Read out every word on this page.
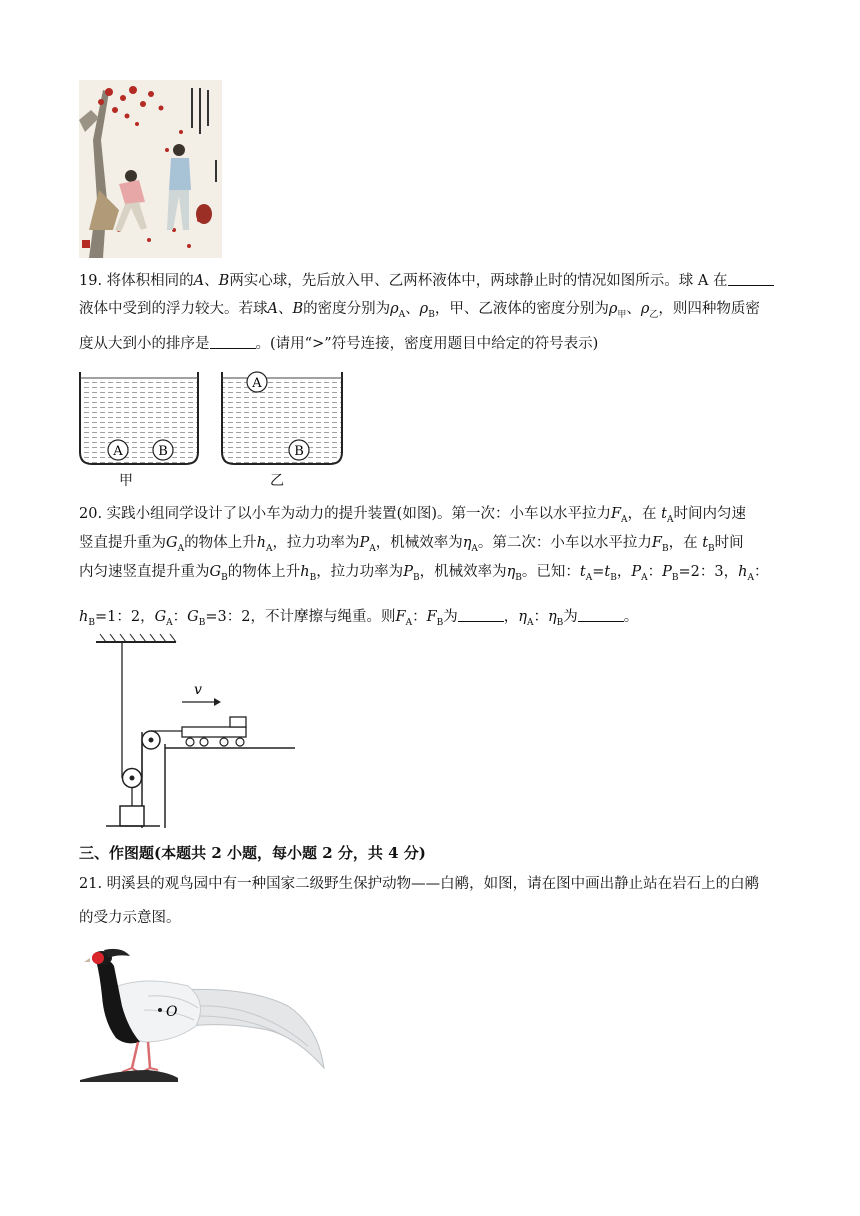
19. 将体积相同的A、B两实心球，先后放入甲、乙两杯液体中，两球静止时的情况如图所示。球 A 在
液体中受到的浮力较大。若球A、B的密度分别为$\rho_A$、$\rho_B$，甲、乙液体的密度分别为$\rho_甲$、$\rho_乙$，则四种物质密
度从大到小的排序是	。(请用“>”符号连接，密度用题目中给定的符号表示)
A	B
A
B
甲	乙
20. 实践小组同学设计了以小车为动力的提升装置(如图)。第一次：小车以水平拉力$F_A$，在 $t_A$时间内匀速
竖直提升重为$G_A$的物体上升$h_A$，拉力功率为$P_A$，机械效率为$\eta_A$。第二次：小车以水平拉力$F_B$，在 $t_B$时间
内匀速竖直提升重为$G_B$的物体上升$h_B$，拉力功率为$P_B$，机械效率为$\eta_B$。已知：$t_A=t_B$，$P_A$：$P_B=2$：3，$h_A$：
$h_B=1$：2，$G_A$：$G_B=3$：2，不计摩擦与绳重。则$F_A$：$F_B$为	，$\eta_A$：$\eta_B$为	。
v
三、作图题(本题共 2 小题，每小题 2 分，共 4 分)
21. 明溪县的观鸟园中有一种国家二级野生保护动物——白鹇，如图，请在图中画出静止站在岩石上的白鹇
的受力示意图。
O
